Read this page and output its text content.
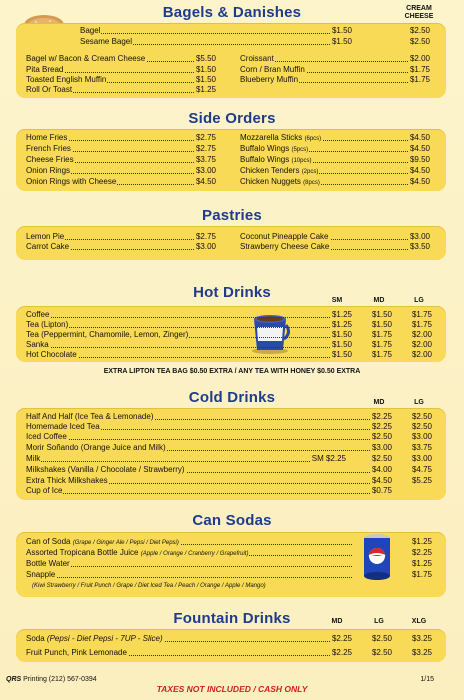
Bagels & Danishes	CREAM CHEESE
Bagel	$1.50	$2.50
Sesame Bagel	$1.50	$2.50
Bagel w/ Bacon & Cream Cheese	$5.50
Pita Bread	$1.50
Toasted English Muffin	$1.50
Roll Or Toast	$1.25
Croissant	$2.00
Corn / Bran Muffin	$1.75
Blueberry Muffin	$1.75
Side Orders
Home Fries	$2.75
French Fries	$2.75
Cheese Fries	$3.75
Onion Rings	$3.00
Onion Rings with Cheese	$4.50
Mozzarella Sticks (6pcs)	$4.50
Buffalo Wings (5pcs)	$4.50
Buffalo Wings (10pcs)	$9.50
Chicken Tenders (2pcs)	$4.50
Chicken Nuggets (8pcs)	$4.50
Pastries
Lemon Pie	$2.75
Carrot Cake	$3.00
Coconut Pineapple Cake	$3.00
Strawberry Cheese Cake	$3.50
Hot Drinks	SM	MD	LG
Coffee	$1.25	$1.50	$1.75
Tea (Lipton)	$1.25	$1.50	$1.75
Tea (Peppermint, Chamomile, Lemon, Zinger)	$1.50	$1.75	$2.00
Sanka	$1.50	$1.75	$2.00
Hot Chocolate	$1.50	$1.75	$2.00
EXTRA LIPTON TEA BAG $0.50 EXTRA / ANY TEA WITH HONEY $0.50 EXTRA
Cold Drinks	MD	LG
Half And Half (Ice Tea & Lemonade)	$2.25	$2.50
Homemade Iced Tea	$2.25	$2.50
Iced Coffee	$2.50	$3.00
Morir Soñando (Orange Juice and Milk)	$3.00	$3.75
Milk	SM $2.25	$2.50	$3.00
Milkshakes (Vanilla / Chocolate / Strawberry)	$4.00	$4.75
Extra Thick Milkshakes	$4.50	$5.25
Cup of Ice	$0.75
Can Sodas
Can of Soda (Grape / Ginger Ale / Pepsi / Diet Pepsi)	$1.25
Assorted Tropicana Bottle Juice (Apple / Orange / Cranberry / Grapefruit)	$2.25
Bottle Water	$1.25
Snapple	$1.75
(Kiwi Strawberry / Fruit Punch / Grape / Diet Iced Tea / Peach / Orange / Apple / Mango)
Fountain Drinks	MD	LG	XLG
Soda (Pepsi - Diet Pepsi - 7UP - Slice)	$2.25	$2.50	$3.25
Fruit Punch, Pink Lemonade	$2.25	$2.50	$3.25
QRS Printing (212) 567-0394
TAXES NOT INCLUDED / CASH ONLY
1/15
